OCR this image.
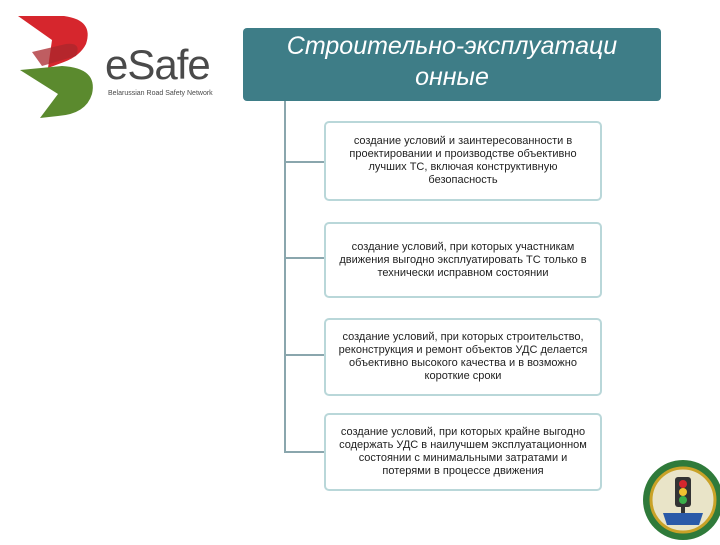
eSafe
Belarussian Road Safety Network
Строительно-эксплуатаци
онные
создание условий и заинтересованности в проектировании и производстве объективно лучших ТС, включая конструктивную безопасность
создание условий, при которых участникам движения выгодно эксплуатировать ТС только в технически исправном состоянии
создание условий, при которых строительство, реконструкция и ремонт объектов УДС делается объективно высокого качества и в возможно короткие сроки
создание условий, при которых крайне выгодно содержать УДС в наилучшем эксплуатационном состоянии с минимальными затратами и потерями в процессе движения
